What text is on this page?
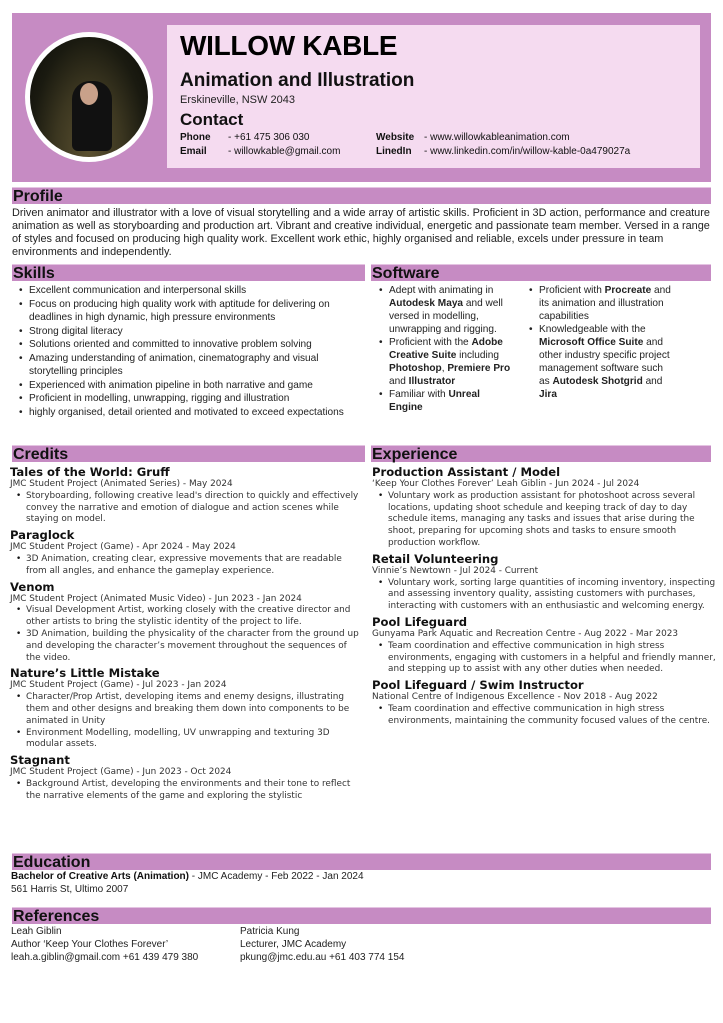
WILLOW KABLE
Animation and Illustration
Erskineville, NSW 2043
Contact
Phone - +61 475 306 030
Email - willowkable@gmail.com
Website - www.willowkableanimation.com
LinedIn - www.linkedin.com/in/willow-kable-0a479027a
Profile
Driven animator and illustrator with a love of visual storytelling and a wide array of artistic skills. Proficient in 3D action, performance and creature animation as well as storyboarding and production art. Vibrant and creative individual, energetic and passionate team member. Versed in a range of styles and focused on producing high quality work. Excellent work ethic, highly organised and reliable, excels under pressure in team environments and independently.
Skills	Software
• Excellent communication and interpersonal skills
• Focus on producing high quality work with aptitude for delivering on deadlines in high dynamic, high pressure environments
• Strong digital literacy
• Solutions oriented and committed to innovative problem solving
• Amazing understanding of animation, cinematography and visual storytelling principles
• Experienced with animation pipeline in both narrative and game
• Proficient in modelling, unwrapping, rigging and illustration
• highly organised, detail oriented and motivated to exceed expectations
• Adept with animating in Autodesk Maya and well versed in modelling, unwrapping and rigging.
• Proficient with the Adobe Creative Suite including Photoshop, Premiere Pro and Illustrator
• Familiar with Unreal Engine
• Proficient with Procreate and its animation and illustration capabilities
• Knowledgeable with the Microsoft Office Suite and other industry specific project management software such as Autodesk Shotgrid and Jira
Credits	Experience
Tales of the World: Gruff
JMC Student Project (Animated Series) - May 2024
• Storyboarding, following creative lead's direction to quickly and effectively convey the narrative and emotion of dialogue and action scenes while staying on model.
Paraglock
JMC Student Project (Game) - Apr 2024 - May 2024
• 3D Animation, creating clear, expressive movements that are readable from all angles, and enhance the gameplay experience.
Venom
JMC Student Project (Animated Music Video) - Jun 2023 - Jan 2024
• Visual Development Artist, working closely with the creative director and other artists to bring the stylistic identity of the project to life.
• 3D Animation, building the physicality of the character from the ground up and developing the character’s movement throughout the sequences of the video.
Nature’s Little Mistake
JMC Student Project (Game) - Jul 2023 - Jan 2024
• Character/Prop Artist, developing items and enemy designs, illustrating them and other designs and breaking them down into components to be animated in Unity
• Environment Modelling, modelling, UV unwrapping and texturing 3D modular assets.
Stagnant
JMC Student Project (Game) - Jun 2023 - Oct 2024
• Background Artist, developing the environments and their tone to reflect the narrative elements of the game and exploring the stylistic
Production Assistant / Model
‘Keep Your Clothes Forever’ Leah Giblin - Jun 2024 - Jul 2024
• Voluntary work as production assistant for photoshoot across several locations, updating shoot schedule and keeping track of day to day schedule items, managing any tasks and issues that arise during the shoot, preparing for upcoming shots and tasks to ensure smooth production workflow.
Retail Volunteering
Vinnie’s Newtown - Jul 2024 - Current
• Voluntary work, sorting large quantities of incoming inventory, inspecting and assessing inventory quality, assisting customers with purchases, interacting with customers with an enthusiastic and welcoming energy.
Pool Lifeguard
Gunyama Park Aquatic and Recreation Centre - Aug 2022 - Mar 2023
• Team coordination and effective communication in high stress environments, engaging with customers in a helpful and friendly manner, and stepping up to assist with any other duties when needed.
Pool Lifeguard / Swim Instructor
National Centre of Indigenous Excellence - Nov 2018 - Aug 2022
• Team coordination and effective communication in high stress environments, maintaining the community focused values of the centre.
Education
Bachelor of Creative Arts (Animation) - JMC Academy - Feb 2022 - Jan 2024
561 Harris St, Ultimo 2007
References
Leah Giblin
Author ‘Keep Your Clothes Forever’
leah.a.giblin@gmail.com +61 439 479 380
Patricia Kung
Lecturer, JMC Academy
pkung@jmc.edu.au +61 403 774 154
